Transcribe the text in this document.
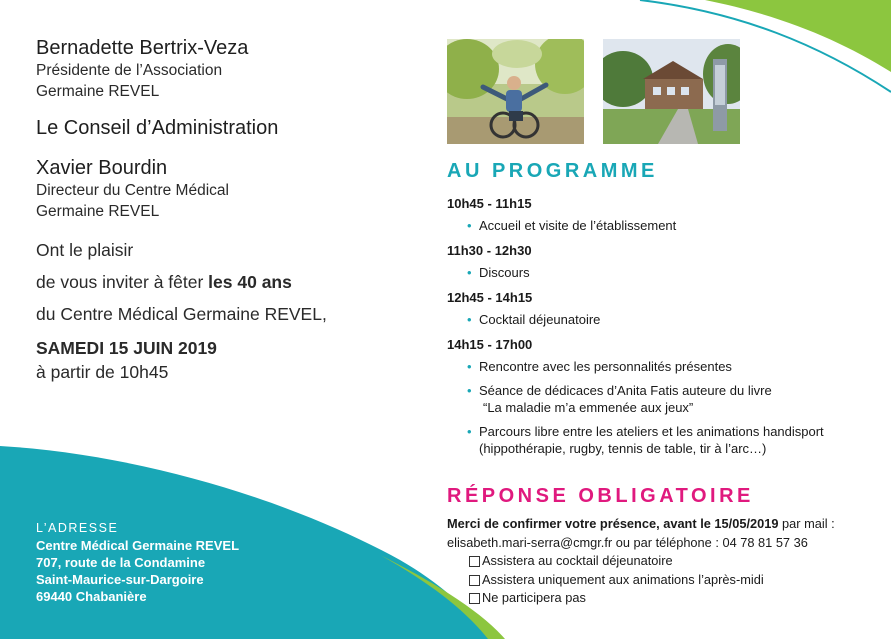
Bernadette Bertrix-Veza
Présidente de l’Association
Germaine REVEL
Le Conseil d’Administration
Xavier Bourdin
Directeur du Centre Médical
Germaine REVEL
Ont le plaisir
de vous inviter à fêter les 40 ans
du Centre Médical Germaine REVEL,
SAMEDI 15 JUIN 2019
à partir de 10h45
L’ADRESSE
Centre Médical Germaine REVEL
707, route de la Condamine
Saint-Maurice-sur-Dargoire
69440 Chabanière
AU PROGRAMME
10h45 - 11h15
• Accueil et visite de l’établissement
11h30 - 12h30
• Discours
12h45 - 14h15
• Cocktail déjeunatoire
14h15 - 17h00
• Rencontre avec les personnalités présentes
• Séance de dédicaces d’Anita Fatis auteure du livre
“La maladie m’a emmenée aux jeux”
• Parcours libre entre les ateliers et les animations handisport
(hippothérapie, rugby, tennis de table, tir à l’arc…)
RÉPONSE OBLIGATOIRE
Merci de confirmer votre présence, avant le 15/05/2019 par mail :
elisabeth.mari-serra@cmgr.fr ou par téléphone : 04 78 81 57 36
Assistera au cocktail déjeunatoire
Assistera uniquement aux animations l’après-midi
Ne participera pas
